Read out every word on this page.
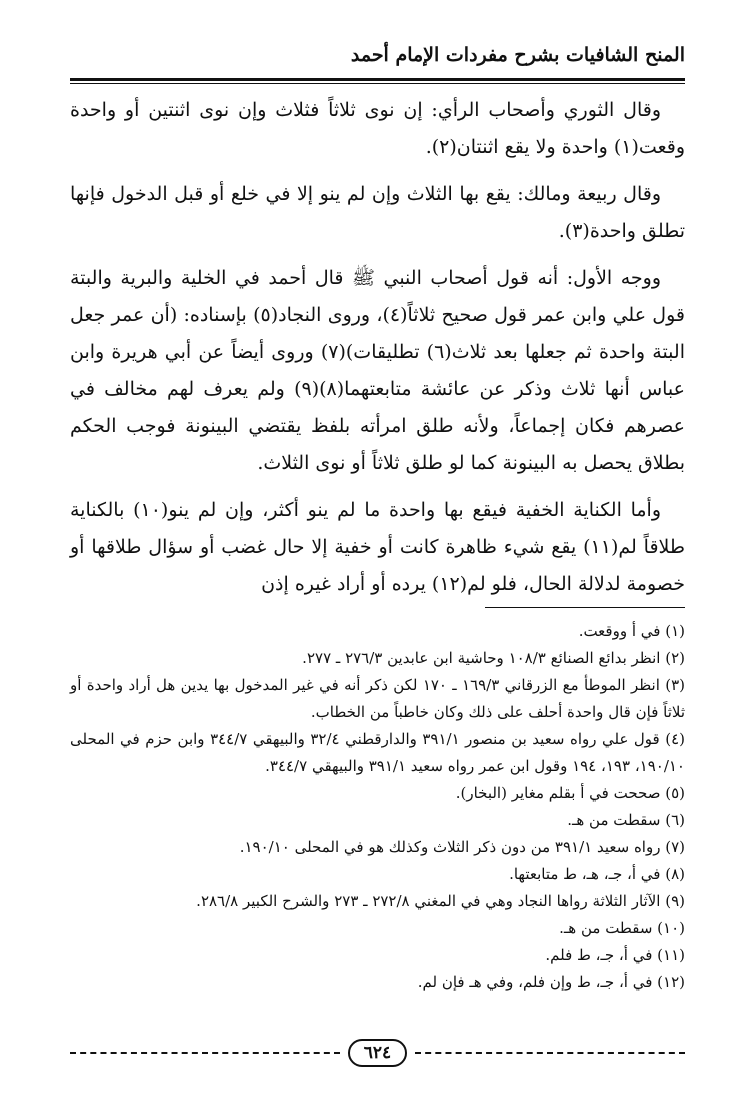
المنح الشافيات بشرح مفردات الإمام أحمد

وقال الثوري وأصحاب الرأي: إن نوى ثلاثاً فثلاث وإن نوى اثنتين أو واحدة وقعت(١) واحدة ولا يقع اثنتان(٢).

وقال ربيعة ومالك: يقع بها الثلاث وإن لم ينو إلا في خلع أو قبل الدخول فإنها تطلق واحدة(٣).

ووجه الأول: أنه قول أصحاب النبي ﷺ قال أحمد في الخلية والبرية والبتة قول علي وابن عمر قول صحيح ثلاثاً(٤)، وروى النجاد(٥) بإسناده: (أن عمر جعل البتة واحدة ثم جعلها بعد ثلاث(٦) تطليقات)(٧) وروى أيضاً عن أبي هريرة وابن عباس أنها ثلاث وذكر عن عائشة متابعتهما(٨)(٩) ولم يعرف لهم مخالف في عصرهم فكان إجماعاً، ولأنه طلق امرأته بلفظ يقتضي البينونة فوجب الحكم بطلاق يحصل به البينونة كما لو طلق ثلاثاً أو نوى الثلاث.

وأما الكناية الخفية فيقع بها واحدة ما لم ينو أكثر، وإن لم ينو(١٠) بالكناية طلاقاً لم(١١) يقع شيء ظاهرة كانت أو خفية إلا حال غضب أو سؤال طلاقها أو خصومة لدلالة الحال، فلو لم(١٢) يرده أو أراد غيره إذن

(١) في أ ووقعت.
(٢) انظر بدائع الصنائع ١٠٨/٣ وحاشية ابن عابدين ٢٧٦/٣ ـ ٢٧٧.
(٣) انظر الموطأ مع الزرقاني ١٦٩/٣ ـ ١٧٠ لكن ذكر أنه في غير المدخول بها يدين هل أراد واحدة أو ثلاثاً فإن قال واحدة أحلف على ذلك وكان خاطباً من الخطاب.
(٤) قول علي رواه سعيد بن منصور ٣٩١/١ والدارقطني ٣٢/٤ والبيهقي ٣٤٤/٧ وابن حزم في المحلى ١٩٠/١٠، ١٩٣، ١٩٤ وقول ابن عمر رواه سعيد ٣٩١/١ والبيهقي ٣٤٤/٧.
(٥) صححت في أ بقلم مغاير (البخار).
(٦) سقطت من هـ.
(٧) رواه سعيد ٣٩١/١ من دون ذكر الثلاث وكذلك هو في المحلى ١٩٠/١٠.
(٨) في أ، جـ، هـ، ط متابعتها.
(٩) الآثار الثلاثة رواها النجاد وهي في المغني ٢٧٢/٨ ـ ٢٧٣ والشرح الكبير ٢٨٦/٨.
(١٠) سقطت من هـ.
(١١) في أ، جـ، ط فلم.
(١٢) في أ، جـ، ط وإن فلم، وفي هـ فإن لم.
٦٢٤
